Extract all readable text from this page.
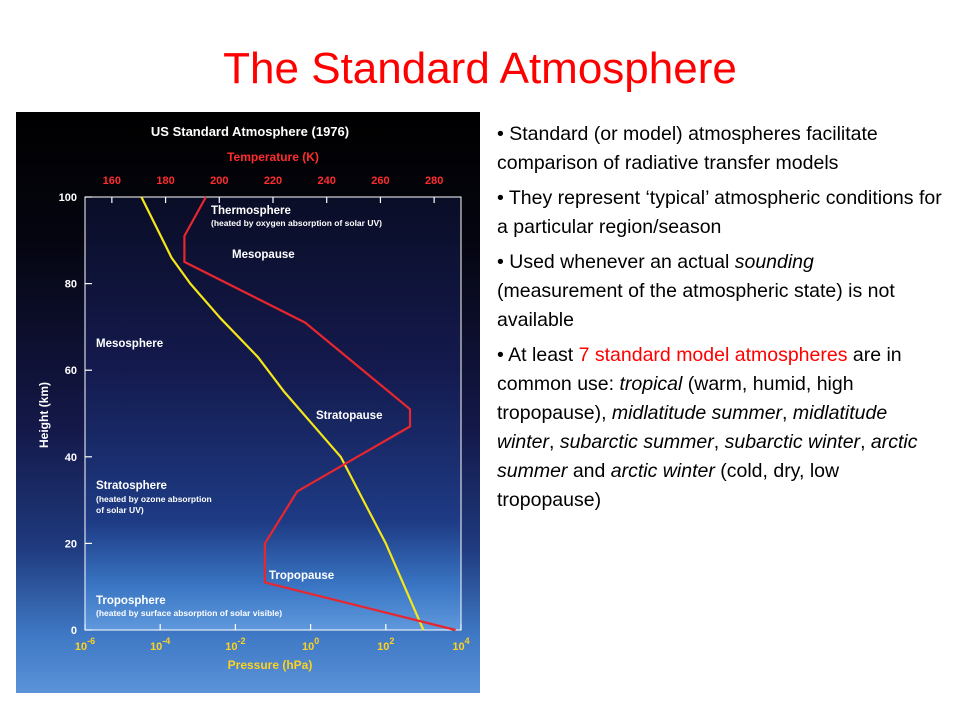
The Standard Atmosphere
US Standard Atmosphere (1976)
Temperature (K)
Pressure (hPa)
Height (km)
0
20
40
60
80
100
160	180	200	220	240	260	280
$10^{-6}$	$10^{-4}$	$10^{-2}$	$10^0$	$10^2$	$10^4$
Thermosphere
(heated by oxygen absorption of solar UV)
Mesopause
Mesosphere
Stratopause
Stratosphere
(heated by ozone absorption
of solar UV)
Tropopause
Troposphere
(heated by surface absorption of solar visible)
• Standard (or model) atmospheres facilitate comparison of radiative transfer models
• They represent ‘typical’ atmospheric conditions for a particular region/season
• Used whenever an actual sounding (measurement of the atmospheric state) is not available
• At least 7 standard model atmospheres are in common use: tropical (warm, humid, high tropopause), midlatitude summer, midlatitude winter, subarctic summer, subarctic winter, arctic summer and arctic winter (cold, dry, low tropopause)
